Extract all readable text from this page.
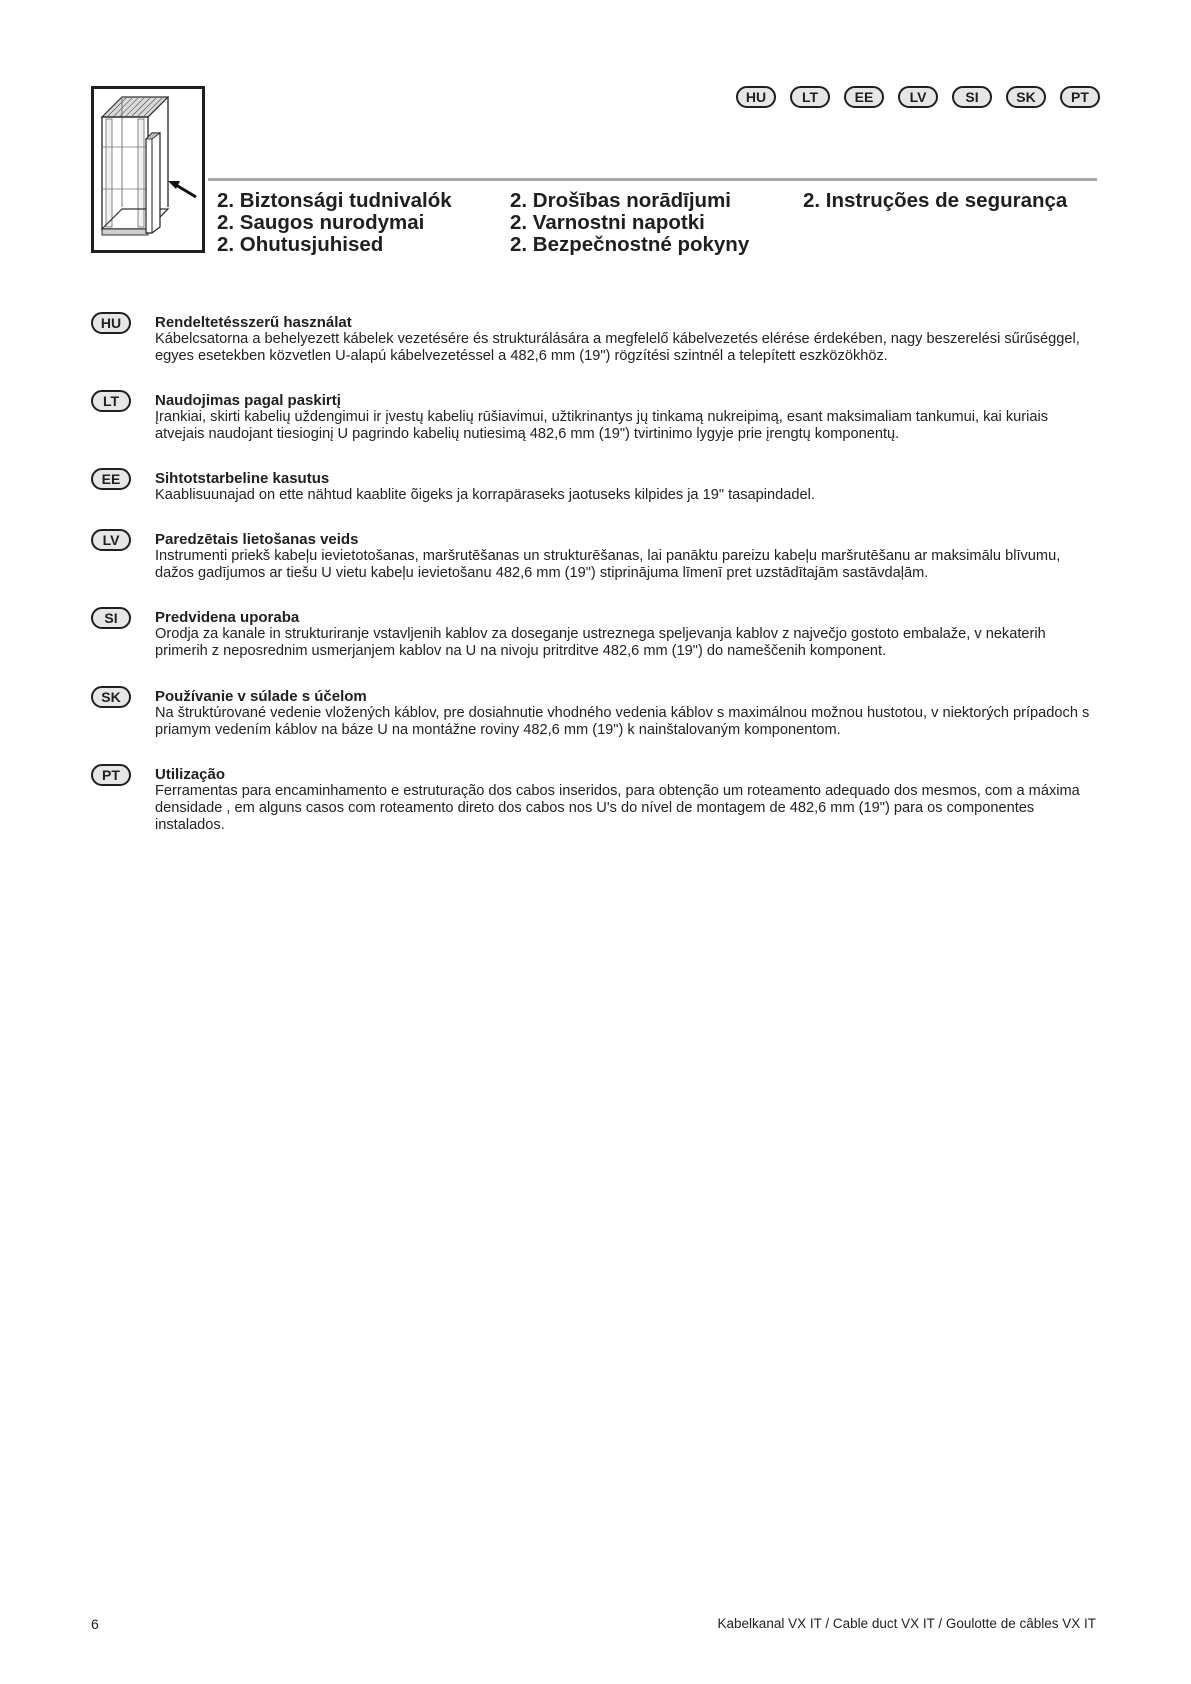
HU	LT	EE	LV	SI	SK	PT
2. Biztonsági tudnivalók
2. Saugos nurodymai
2. Ohutusjuhised
2. Drošības norādījumi
2. Varnostni napotki
2. Bezpečnostné pokyny
2. Instruções de segurança
HU	Rendeltetésszerű használat
Kábelcsatorna a behelyezett kábelek vezetésére és strukturálására a megfelelő kábelvezetés elérése érdekében, nagy beszerelési sűrűséggel, egyes esetekben közvetlen U-alapú kábelvezetéssel a 482,6 mm (19") rögzítési szintnél a telepített eszközökhöz.
LT	Naudojimas pagal paskirtį
Įrankiai, skirti kabelių uždengimui ir įvestų kabelių rūšiavimui, užtikrinantys jų tinkamą nukreipimą, esant maksimaliam tankumui, kai kuriais atvejais naudojant tiesioginį U pagrindo kabelių nutiesimą 482,6 mm (19") tvirtinimo lygyje prie įrengtų komponentų.
EE	Sihtotstarbeline kasutus
Kaablisuunajad on ette nähtud kaablite õigeks ja korrapäraseks jaotuseks kilpides ja 19" tasapindadel.
LV	Paredzētais lietošanas veids
Instrumenti priekš kabeļu ievietotošanas, maršrutēšanas un strukturēšanas, lai panāktu pareizu kabeļu maršrutēšanu ar maksimālu blīvumu, dažos gadījumos ar tiešu U vietu kabeļu ievietošanu 482,6 mm (19") stiprinājuma līmenī pret uzstādītajām sastāvdaļām.
SI	Predvidena uporaba
Orodja za kanale in strukturiranje vstavljenih kablov za doseganje ustreznega speljevanja kablov z največjo gostoto embalaže, v nekaterih primerih z neposrednim usmerjanjem kablov na U na nivoju pritrditve 482,6 mm (19") do nameščenih komponent.
SK	Používanie v súlade s účelom
Na štruktúrované vedenie vložených káblov, pre dosiahnutie vhodného vedenia káblov s maximálnou možnou hustotou, v niektorých prípadoch s priamym vedením káblov na báze U na montážne roviny 482,6 mm (19") k nainštalovaným komponentom.
PT	Utilização
Ferramentas para encaminhamento e estruturação dos cabos inseridos, para obtenção um roteamento adequado dos mesmos, com a máxima densidade , em alguns casos com roteamento direto dos cabos nos U's do nível de montagem de 482,6 mm (19") para os componentes instalados.
6	Kabelkanal VX IT / Cable duct VX IT / Goulotte de câbles VX IT
